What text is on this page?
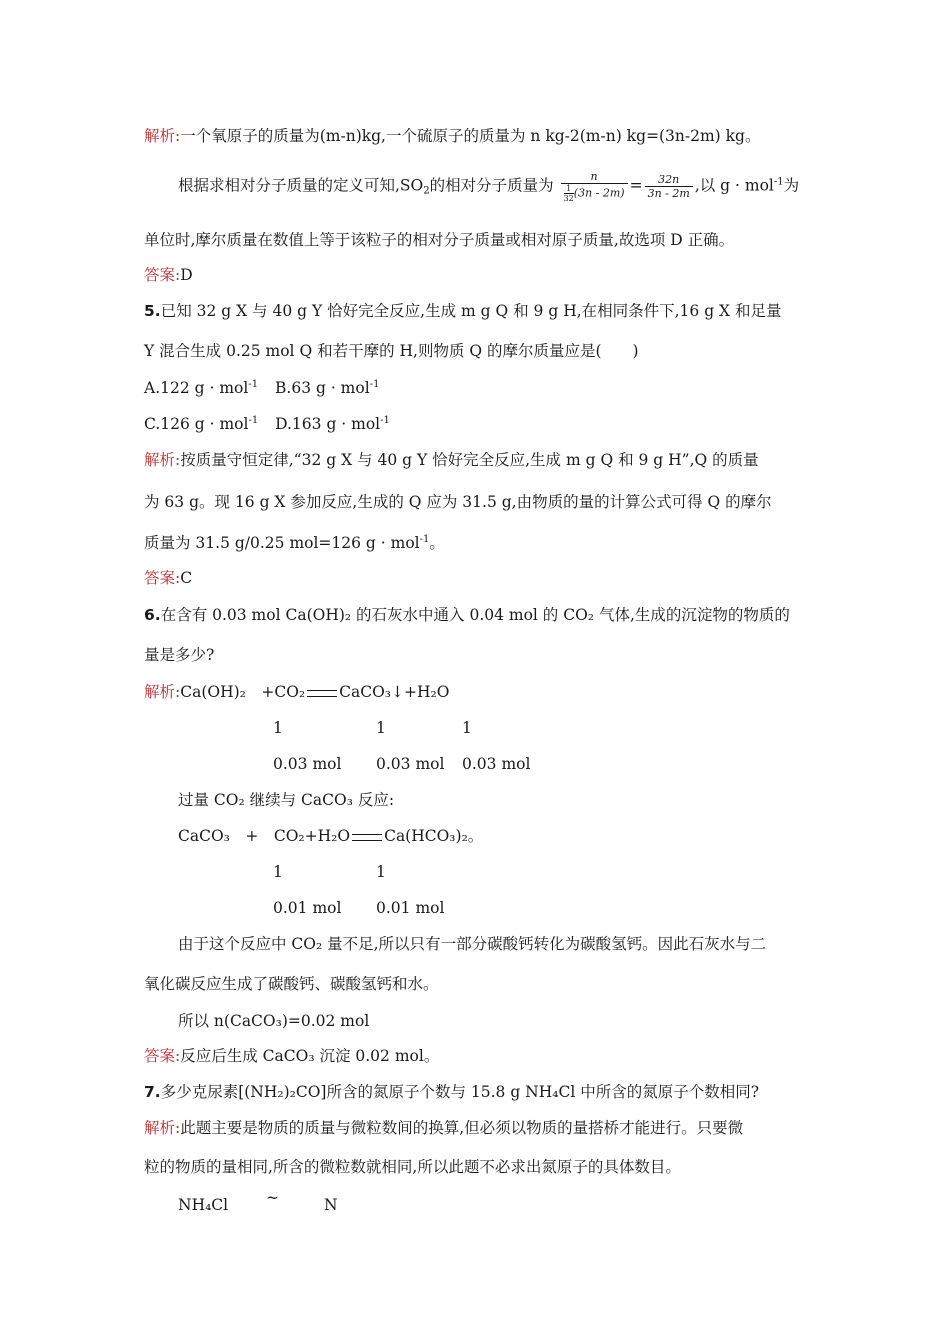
解析:一个氧原子的质量为(m-n)kg,一个硫原子的质量为 n kg-2(m-n) kg=(3n-2m) kg。
根据求相对分子质量的定义可知$,SO_2$的相对分子质量为 $\frac{n}{\frac{1}{32} (3n - 2m)} = \frac{32n}{3n - 2m}$ ,以 g · mol$^{-1}$为
单位时,摩尔质量在数值上等于该粒子的相对分子质量或相对原子质量,故选项 D 正确。
答案:D
5.已知 32 g X 与 40 g Y 恰好完全反应,生成 m g Q 和 9 g H,在相同条件下,16 g X 和足量
Y 混合生成 0.25 mol Q 和若干摩的 H,则物质 Q 的摩尔质量应是(　　)
A.122 g · mol$^{-1}$ B.63 g · mol$^{-1}$
C.126 g · mol$^{-1}$ D.163 g · mol$^{-1}$
解析:按质量守恒定律,“32 g X 与 40 g Y 恰好完全反应,生成 m g Q 和 9 g H”,Q 的质量
为 63 g。现 16 g X 参加反应,生成的 Q 应为 31.5 g,由物质的量的计算公式可得 Q 的摩尔
质量为 31.5 g/0.25 mol=126 g · mol$^{-1}$。
答案:C
6.在含有 0.03 mol Ca(OH)₂ 的石灰水中通入 0.04 mol 的 CO₂ 气体,生成的沉淀物的物质的
量是多少?
解析:Ca(OH)₂　+CO₂ CaCO₃↓+H₂O
1	1	1
0.03 mol 0.03 mol 0.03 mol
过量 CO₂ 继续与 CaCO₃ 反应:
CaCO₃　+　CO₂+H₂O Ca(HCO₃)₂。
1	1
0.01 mol 0.01 mol
由于这个反应中 CO₂ 量不足,所以只有一部分碳酸钙转化为碳酸氢钙。因此石灰水与二
氧化碳反应生成了碳酸钙、碳酸氢钙和水。
所以 n(CaCO₃)=0.02 mol
答案:反应后生成 CaCO₃ 沉淀 0.02 mol。
7.多少克尿素[(NH₂)₂CO]所含的氮原子个数与 15.8 g NH₄Cl 中所含的氮原子个数相同?
解析:此题主要是物质的质量与微粒数间的换算,但必须以物质的量搭桥才能进行。只要微
粒的物质的量相同,所含的微粒数就相同,所以此题不必求出氮原子的具体数目。
NH₄Cl ~	N
